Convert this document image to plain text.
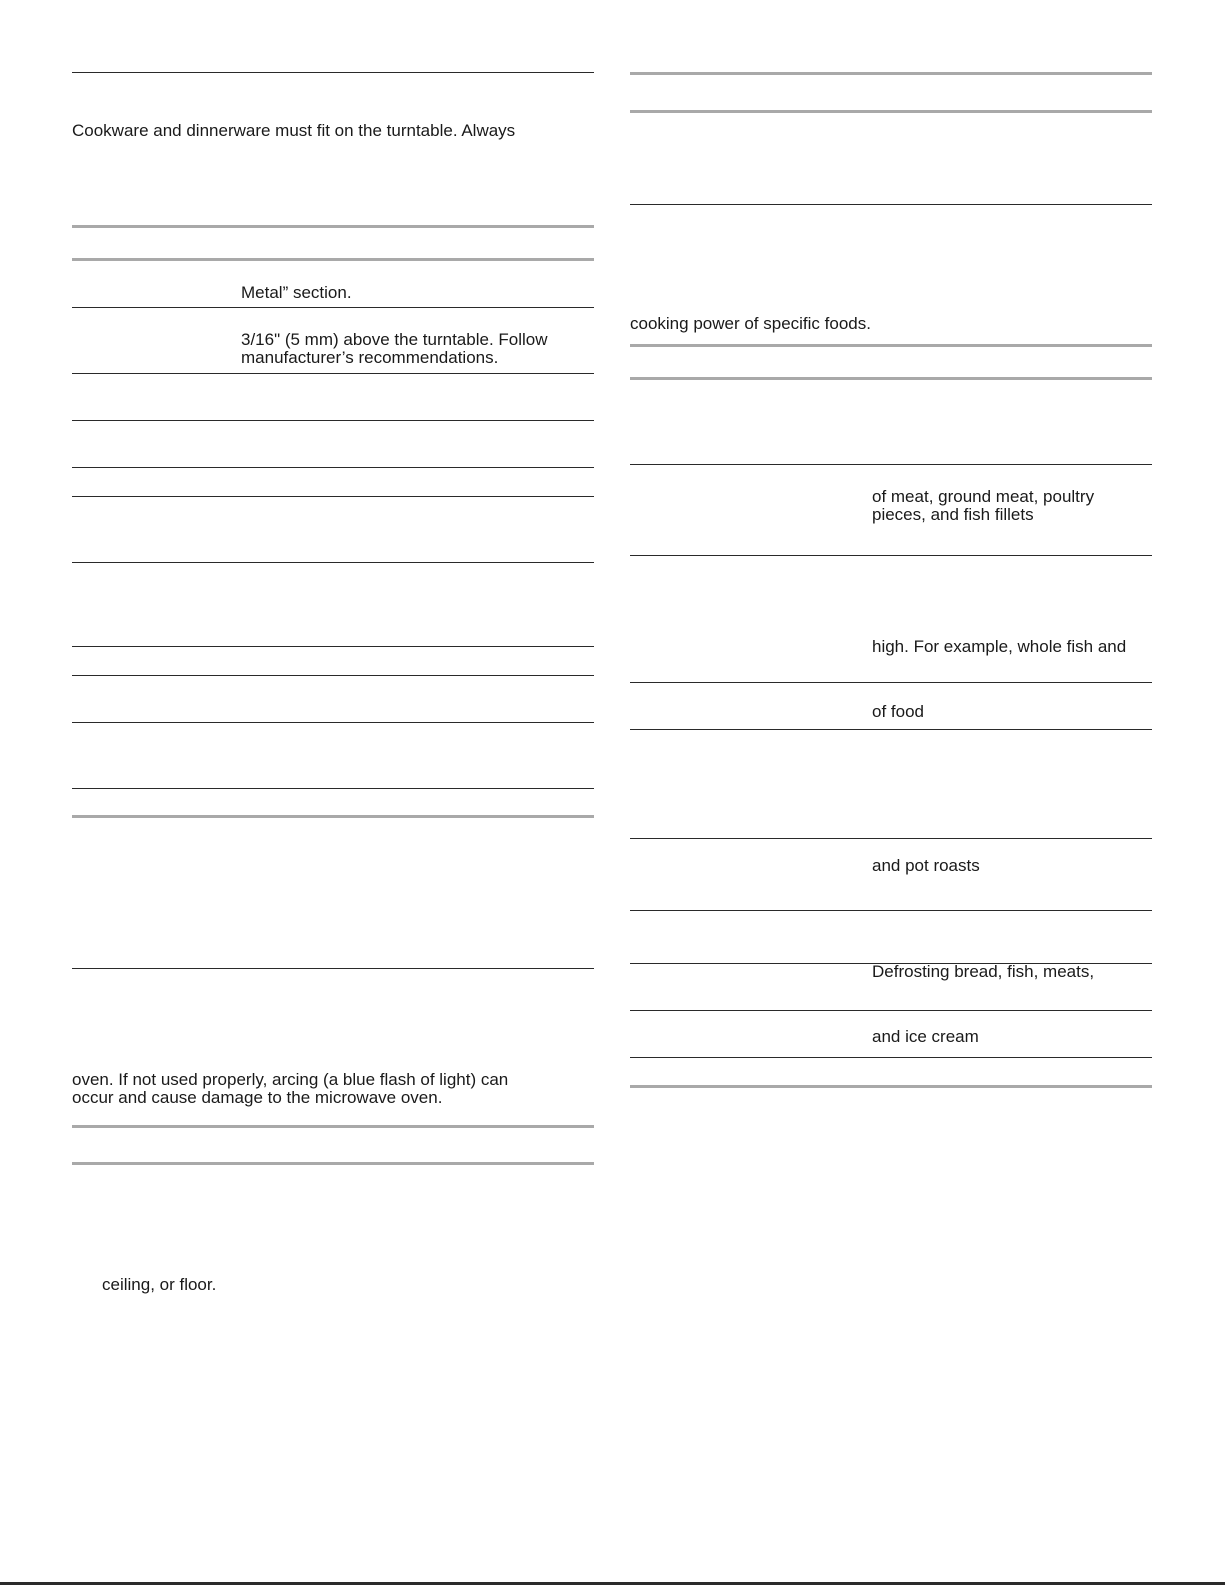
Cookware and dinnerware must fit on the turntable. Always
Metal” section.
3/16" (5 mm) above the turntable. Follow
manufacturer’s recommendations.
oven. If not used properly, arcing (a blue flash of light) can
occur and cause damage to the microwave oven.
ceiling, or floor.
cooking power of specific foods.
of meat, ground meat, poultry
pieces, and fish fillets
high. For example, whole fish and
of food
and pot roasts
Defrosting bread, fish, meats,
and ice cream
